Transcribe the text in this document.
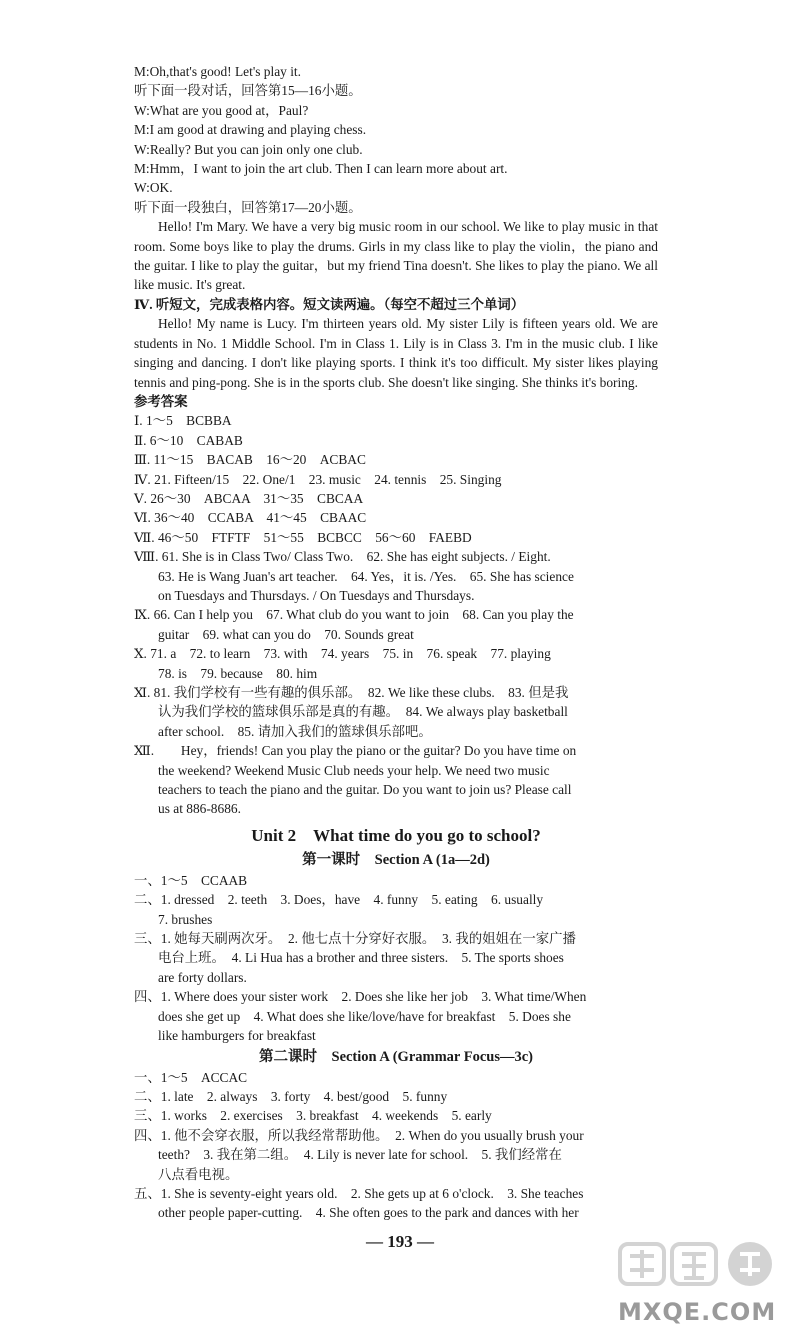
M:Oh,that's good! Let's play it.
听下面一段对话，回答第15—16小题。
W:What are you good at，Paul?
M:I am good at drawing and playing chess.
W:Really? But you can join only one club.
M:Hmm，I want to join the art club. Then I can learn more about art.
W:OK.
听下面一段独白，回答第17—20小题。
Hello! I'm Mary. We have a very big music room in our school. We like to play music in that room. Some boys like to play the drums. Girls in my class like to play the violin，the piano and the guitar. I like to play the guitar，but my friend Tina doesn't. She likes to play the piano. We all like music. It's great.
Ⅳ. 听短文，完成表格内容。短文读两遍。（每空不超过三个单词）
Hello! My name is Lucy. I'm thirteen years old. My sister Lily is fifteen years old. We are students in No. 1 Middle School. I'm in Class 1. Lily is in Class 3. I'm in the music club. I like singing and dancing. I don't like playing sports. I think it's too difficult. My sister likes playing tennis and ping-pong. She is in the sports club. She doesn't like singing. She thinks it's boring.
参考答案
Ⅰ. 1～5　BCBBA
Ⅱ. 6～10　CABAB
Ⅲ. 11～15　BACAB　16～20　ACBAC
Ⅳ. 21. Fifteen/15　22. One/1　23. music　24. tennis　25. Singing
Ⅴ. 26～30　ABCAA　31～35　CBCAA
Ⅵ. 36～40　CCABA　41～45　CBAAC
Ⅶ. 46～50　FTFTF　51～55　BCBCC　56～60　FAEBD
Ⅷ. 61. She is in Class Two/ Class Two.　62. She has eight subjects. / Eight.
63. He is Wang Juan's art teacher.　64. Yes，it is. /Yes.　65. She has science
on Tuesdays and Thursdays. / On Tuesdays and Thursdays.
Ⅸ. 66. Can I help you　67. What club do you want to join　68. Can you play the
guitar　69. what can you do　70. Sounds great
Ⅹ. 71. a　72. to learn　73. with　74. years　75. in　76. speak　77. playing
78. is　79. because　80. him
Ⅺ. 81. 我们学校有一些有趣的俱乐部。　82. We like these clubs.　83. 但是我
认为我们学校的篮球俱乐部是真的有趣。　84. We always play basketball
after school.　85. 请加入我们的篮球俱乐部吧。
Ⅻ.　　Hey，friends! Can you play the piano or the guitar? Do you have time on
the weekend? Weekend Music Club needs your help. We need two music
teachers to teach the piano and the guitar. Do you want to join us? Please call
us at 886-8686.
Unit 2　What time do you go to school?
第一课时　Section A (1a—2d)
一、1～5　CCAAB
二、1. dressed　2. teeth　3. Does，have　4. funny　5. eating　6. usually
7. brushes
三、1. 她每天刷两次牙。　2. 他七点十分穿好衣服。　3. 我的姐姐在一家广播
电台上班。　4. Li Hua has a brother and three sisters.　5. The sports shoes
are forty dollars.
四、1. Where does your sister work　2. Does she like her job　3. What time/When
does she get up　4. What does she like/love/have for breakfast　5. Does she
like hamburgers for breakfast
第二课时　Section A (Grammar Focus—3c)
一、1～5　ACCAC
二、1. late　2. always　3. forty　4. best/good　5. funny
三、1. works　2. exercises　3. breakfast　4. weekends　5. early
四、1. 他不会穿衣服，所以我经常帮助他。　2. When do you usually brush your
teeth?　3. 我在第二组。　4. Lily is never late for school.　5. 我们经常在
八点看电视。
五、1. She is seventy-eight years old.　2. She gets up at 6 o'clock.　3. She teaches
other people paper-cutting.　4. She often goes to the park and dances with her
— 193 —
MXQE.COM
